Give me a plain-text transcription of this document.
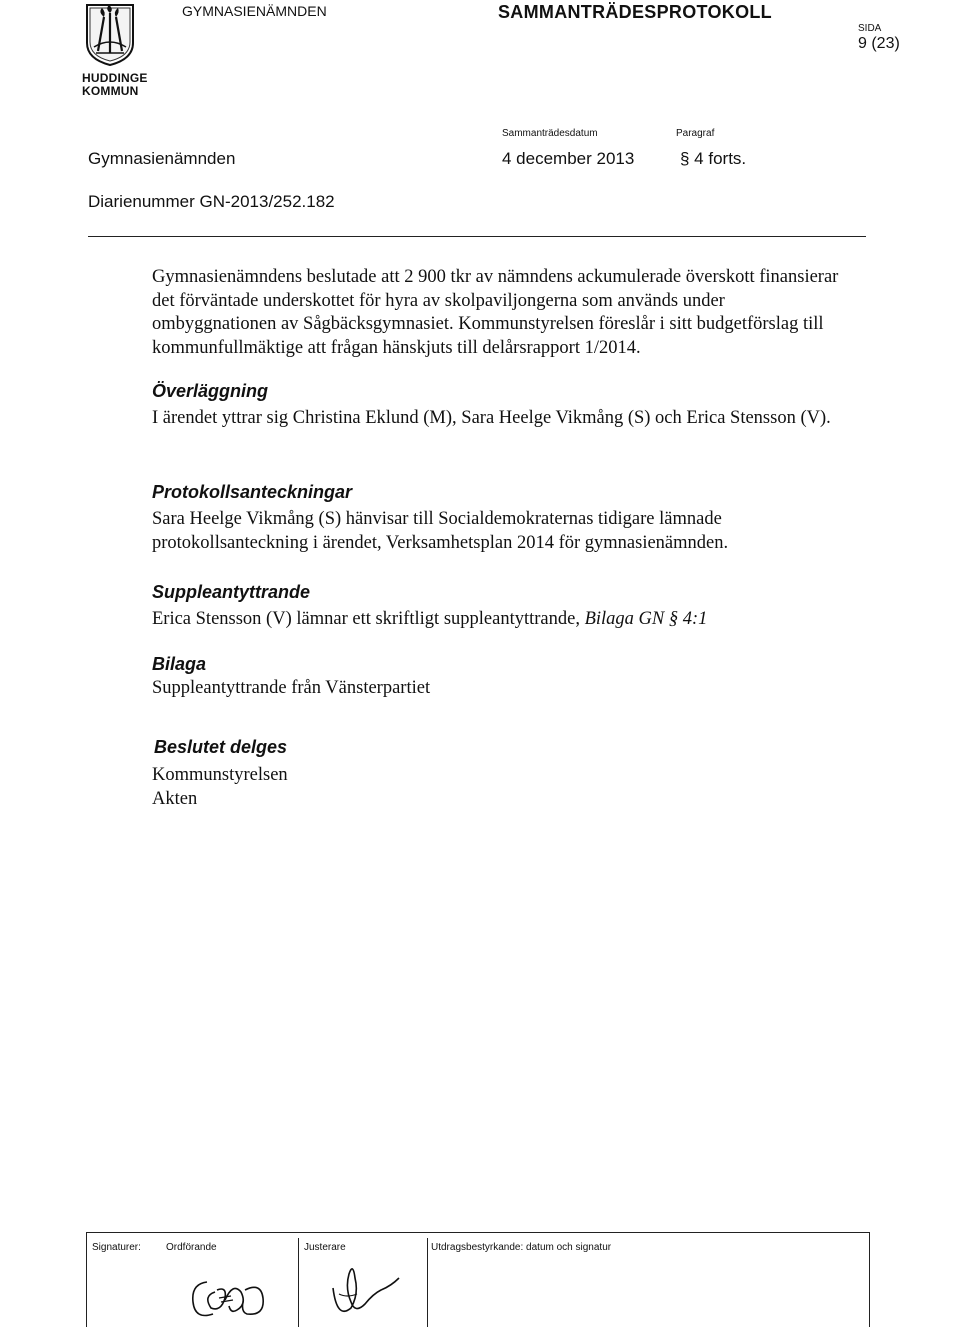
HUDDINGE
KOMMUN
GYMNASIENÄMNDEN	SAMMANTRÄDESPROTOKOLL
SIDA
9 (23)
Sammanträdesdatum	Paragraf
Gymnasienämnden	4 december 2013	§ 4 forts.
Diarienummer GN-2013/252.182
Gymnasienämndens beslutade att 2 900 tkr av nämndens ackumulerade överskott finansierar det förväntade underskottet för hyra av skolpaviljongerna som används under ombyggnationen av Sågbäcksgymnasiet. Kommunstyrelsen föreslår i sitt budgetförslag till kommunfullmäktige att frågan hänskjuts till delårsrapport 1/2014.
Överläggning
I ärendet yttrar sig Christina Eklund (M), Sara Heelge Vikmång (S) och Erica Stensson (V).
Protokollsanteckningar
Sara Heelge Vikmång (S) hänvisar till Socialdemokraternas tidigare lämnade protokollsanteckning i ärendet, Verksamhetsplan 2014 för gymnasienämnden.
Suppleantyttrande
Erica Stensson (V) lämnar ett skriftligt suppleantyttrande, Bilaga GN § 4:1
Bilaga
Suppleantyttrande från Vänsterpartiet
Beslutet delges
Kommunstyrelsen
Akten
Signaturer:	Ordförande	Justerare	Utdragsbestyrkande: datum och signatur
